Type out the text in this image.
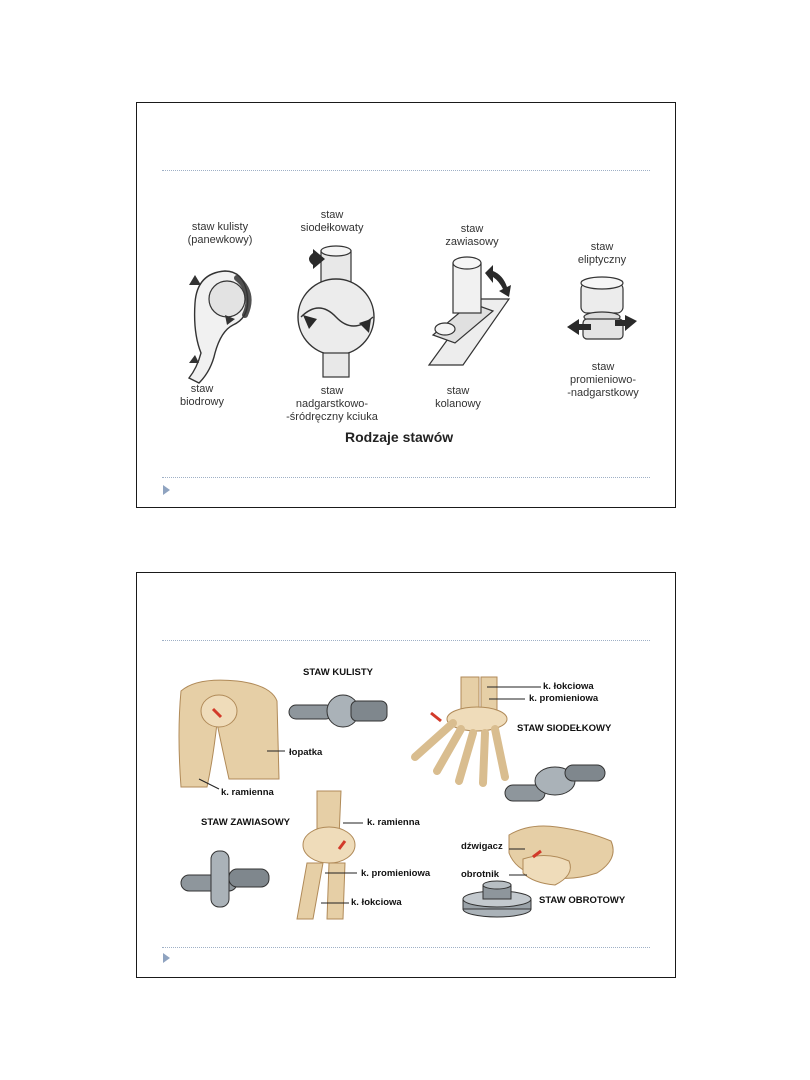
staw kulisty
(panewkowy)
staw
biodrowy
staw
siodełkowaty
staw
nadgarstkowo-
-śródręczny kciuka
staw
zawiasowy
staw
kolanowy
staw
eliptyczny
staw
promieniowo-
-nadgarstkowy
Rodzaje stawów
STAW KULISTY
łopatka
k. ramienna
k. łokciowa
k. promieniowa
STAW SIODEŁKOWY
STAW ZAWIASOWY	k. ramienna
k. promieniowa
k. łokciowa
dźwigacz
obrotnik
STAW OBROTOWY
